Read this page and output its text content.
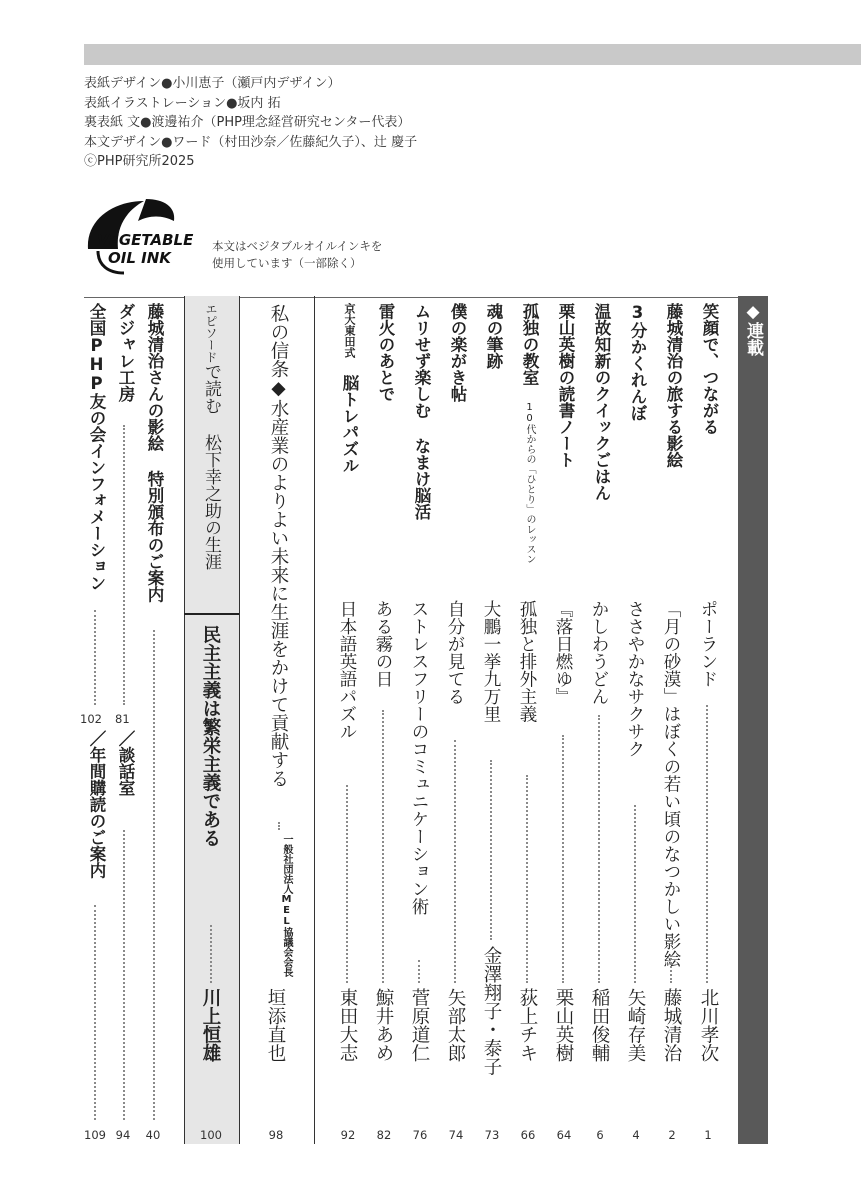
表紙デザイン●小川恵子（瀬戸内デザイン）
表紙イラストレーション●坂内 拓
裏表紙 文●渡邊祐介（PHP理念経営研究センター代表）
本文デザイン●ワード（村田沙奈／佐藤紀久子）、辻 慶子
ⓒPHP研究所2025
VEGETABLE
OIL INK
本文はベジタブルオイルインキを
使用しています（一部除く）
◆連載
笑顔で、つながる
ポーランド
北川孝次
1
藤城清治の旅する影絵
「月の砂漠」はぼくの若い頃のなつかしい影絵
藤城清治
2
3分かくれんぼ
ささやかなサクサク
矢崎存美
4
温故知新のクイックごはん
かしわうどん
稲田俊輔
6
栗山英樹の読書ノート
『落日燃ゆ』
栗山英樹
64
孤独の教室　10代からの「ひとり」のレッスン
孤独と排外主義
荻上チキ
66
魂の筆跡
大鵬一挙九万里
金澤翔子・泰子
73
僕の楽がき帖
自分が見てる
矢部太郎
74
ムリせず楽しむ なまけ脳活
ストレスフリーのコミュニケーション術
菅原道仁
76
雷火のあとで
ある霧の日
鯨井あめ
82
京大東田式　脳トレパズル
日本語英語パズル
東田大志
92
私の信条◆水産業のよりよい未来に生涯をかけて貢献する
一般社団法人MEL協議会会長
垣添直也
98
エピソードで読む 松下幸之助の生涯
民主主義は繁栄主義である
川上恒雄
100
藤城清治さんの影絵 特別頒布のご案内
40
ダジャレ工房
81
／談話室
94
全国PHP友の会インフォメーション
102
／年間購読のご案内
109
